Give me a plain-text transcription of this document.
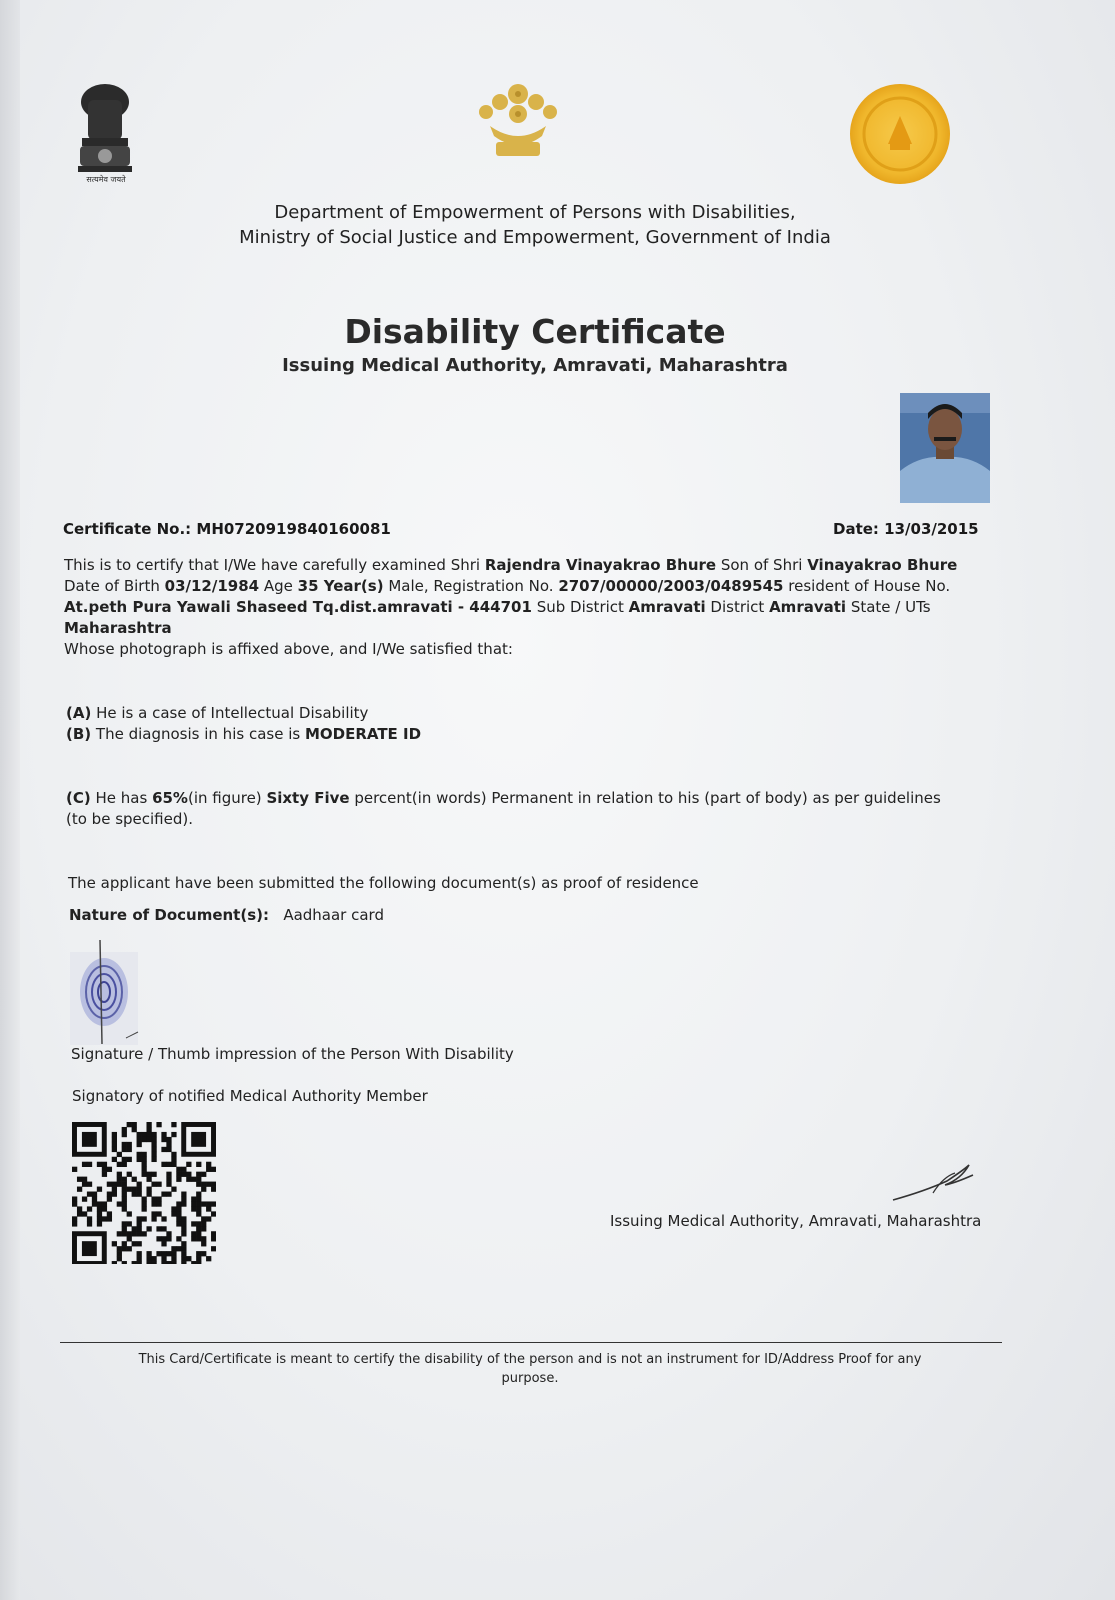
सत्यमेव जयते
Department of Empowerment of Persons with Disabilities,
Ministry of Social Justice and Empowerment, Government of India
Disability Certificate
Issuing Medical Authority, Amravati, Maharashtra
Certificate No.: MH0720919840160081	Date: 13/03/2015
This is to certify that I/We have carefully examined Shri Rajendra Vinayakrao Bhure Son of Shri Vinayakrao Bhure Date of Birth 03/12/1984 Age 35 Year(s) Male, Registration No. 2707/00000/2003/0489545 resident of House No. At.peth Pura Yawali Shaseed Tq.dist.amravati - 444701 Sub District Amravati District Amravati State / UTs Maharashtra
Whose photograph is affixed above, and I/We satisfied that:
(A) He is a case of Intellectual Disability
(B) The diagnosis in his case is MODERATE ID
(C) He has 65%(in figure) Sixty Five percent(in words) Permanent in relation to his (part of body) as per guidelines
(to be specified).
The applicant have been submitted the following document(s) as proof of residence
Nature of Document(s): Aadhaar card
Signature / Thumb impression of the Person With Disability
Signatory of notified Medical Authority Member
Issuing Medical Authority, Amravati, Maharashtra
This Card/Certificate is meant to certify the disability of the person and is not an instrument for ID/Address Proof for any
purpose.
